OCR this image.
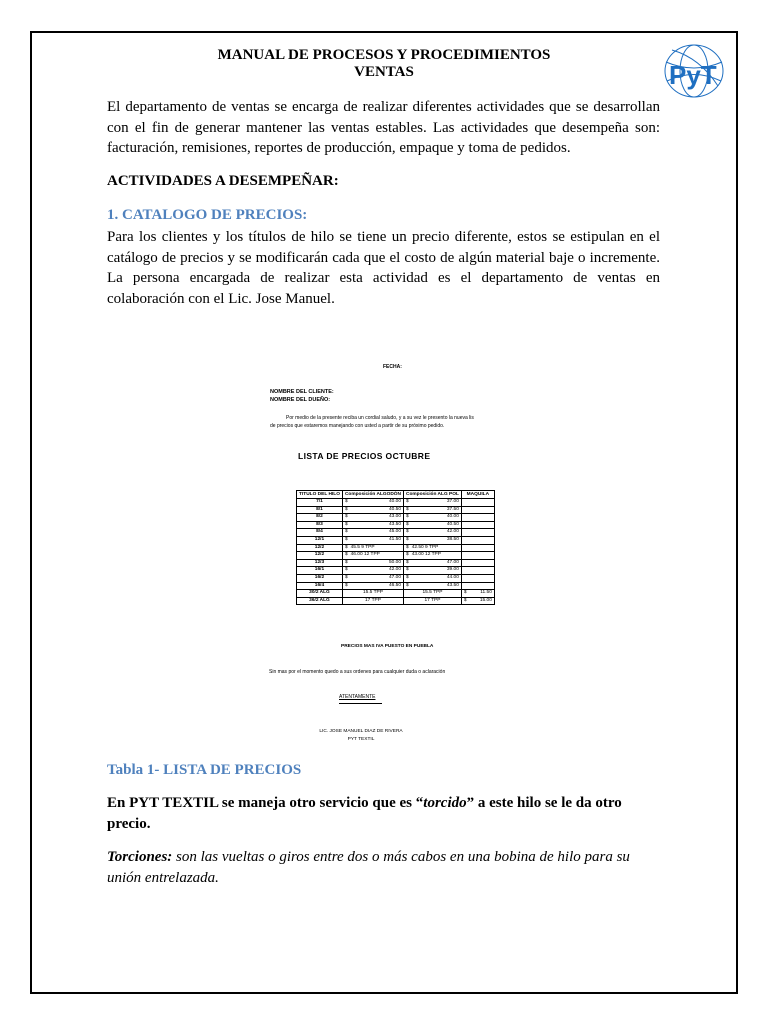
MANUAL DE PROCESOS Y PROCEDIMIENTOS
VENTAS	PyT
El departamento de ventas se encarga de realizar diferentes actividades que se desarrollan con el fin de generar mantener las ventas estables. Las actividades que desempeña son: facturación, remisiones, reportes de producción, empaque y toma de pedidos.
ACTIVIDADES A DESEMPEÑAR:
1. CATALOGO DE PRECIOS:
Para los clientes y los títulos de hilo se tiene un precio diferente, estos se estipulan en el catálogo de precios y se modificarán cada que el costo de algún material baje o incremente. La persona encargada de realizar esta actividad es el departamento de ventas en colaboración con el Lic. Jose Manuel.
FECHA:
NOMBRE DEL CLIENTE:
NOMBRE DEL DUEÑO:
Por medio de la presente reciba un cordial saludo, y a su vez le presento la nueva lis
de precios que estaremos manejando con usted a partir de su próximo pedido.
LISTA DE PRECIOS OCTUBRE
TITULO DEL HILO	Composición ALGODÓN	Composición ALG POL	MAQUILA
7/1	$ 40.00	$ 37.00	

8/1	$ 40.50	$ 37.50	

8/2	$ 43.00	$ 40.00	

8/3	$ 43.50	$ 40.50	

8/4	$ 45.00	$ 42.00	

12/1	$ 41.50	$ 38.50	

12/2	$ 45.5 9 TPP	$ 42.50 9 TPP	
12/2	$ 46.00 12 TPP	$ 43.00 12 TPP	
12/3	$ 50.00	$ 47.00	

16/1	$ 42.00	$ 39.00	

16/2	$ 47.00	$ 44.00	

16/4	$ 46.50	$ 43.50	

30/2 ALG	15.5 TPP	15.5 TPP	$ 11.50

36/2 ALG	17 TPP	17 TPP	$ 15.00
PRECIOS MAS IVA PUESTO EN PUEBLA
Sin mas por el momento quedo a sus ordenes para cualquier duda o aclaración
ATENTAMENTE
LIC. JOSE MANUEL DIAZ DE RIVERA
PYT TEXTIL
Tabla 1- LISTA DE PRECIOS
En PYT TEXTIL se maneja otro servicio que es “torcido” a este hilo se le da otro precio.
Torciones: son las vueltas o giros entre dos o más cabos en una bobina de hilo para su unión entrelazada.
